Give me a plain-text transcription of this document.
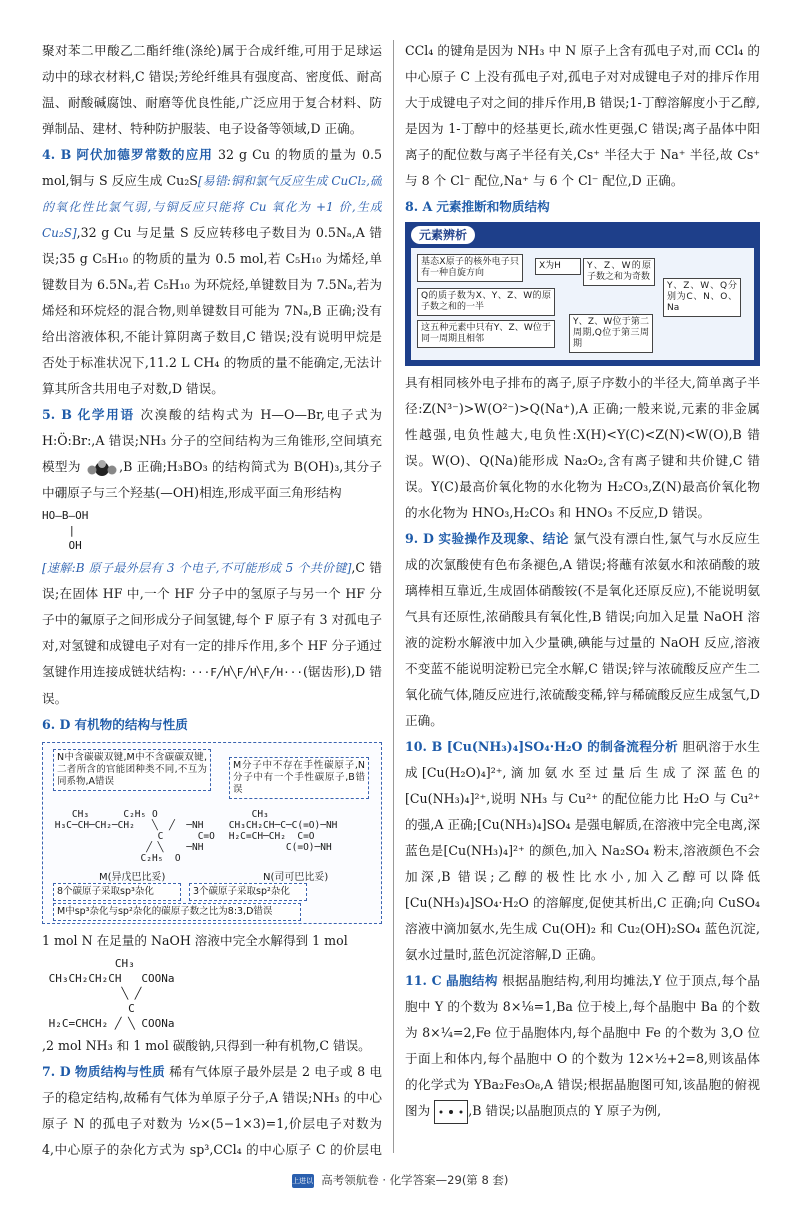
聚对苯二甲酸乙二酯纤维(涤纶)属于合成纤维,可用于足球运动中的球衣材料,C 错误;芳纶纤维具有强度高、密度低、耐高温、耐酸碱腐蚀、耐磨等优良性能,广泛应用于复合材料、防弹制品、建材、特种防护服装、电子设备等领域,D 正确。

4. B 阿伏加德罗常数的应用 32 g Cu 的物质的量为 0.5 mol,铜与 S 反应生成 Cu₂S[易错:铜和氯气反应生成 CuCl₂,硫的氧化性比氯气弱,与铜反应只能将 Cu 氧化为 +1 价,生成 Cu₂S],32 g Cu 与足量 S 反应转移电子数目为 0.5Nₐ,A 错误;35 g C₅H₁₀ 的物质的量为 0.5 mol,若 C₅H₁₀ 为烯烃,单键数目为 6.5Nₐ,若 C₅H₁₀ 为环烷烃,单键数目为 7.5Nₐ,若为烯烃和环烷烃的混合物,则单键数目可能为 7Nₐ,B 正确;没有给出溶液体积,不能计算阴离子数目,C 错误;没有说明甲烷是否处于标准状况下,11.2 L CH₄ 的物质的量不能确定,无法计算其所含共用电子对数,D 错误。

5. B 化学用语 次溴酸的结构式为 H—O—Br,电子式为 H:Ö:Br:,A 错误;NH₃ 分子的空间结构为三角锥形,空间填充模型为	,B 正确;H₃BO₃ 的结构简式为 B(OH)₃,其分子中硼原子与三个羟基(—OH)相连,形成平面三角形结构

HO—B—OH
|
OH

[速解:B 原子最外层有 3 个电子,不可能形成 5 个共价键],C 错误;在固体 HF 中,一个 HF 分子中的氢原子与另一个 HF 分子中的氟原子之间形成分子间氢键,每个 F 原子有 3 对孤电子对,对氢键和成键电子对有一定的排斥作用,多个 HF 分子通过氢键作用连接成链状结构: ···F╱H╲F╱H╲F╱H···(锯齿形),D 错误。

6. D 有机物的结构与性质

N中含碳碳双键,M中不含碳碳双键,二者所含的官能团种类不同,不互为同系物,A错误
M分子中不存在手性碳原子,N分子中有一个手性碳原子,B错误
CH₃      C₂H₅ O
H₃C─CH─CH₂─CH₂   ╲  ╱  ─NH
C      C=O
╱ ╲    ─NH
C₂H₅  O
CH₃
CH₃CH₂CH─C─C(=O)─NH
H₂C=CH─CH₂  C=O
C(=O)─NH
M(异戊巴比妥)	N(司可巴比妥)
8个碳原子采取sp³杂化	3个碳原子采取sp²杂化
M中sp³杂化与sp²杂化的碳原子数之比为8:3,D错误

1 mol N 在足量的 NaOH 溶液中完全水解得到 1 mol

CH₃
CH₃CH₂CH₂CH   COONa
╲ ╱
C
H₂C=CHCH₂ ╱ ╲ COONa

,2 mol NH₃ 和 1 mol 碳酸钠,只得到一种有机物,C 错误。

7. D 物质结构与性质 稀有气体原子最外层是 2 电子或 8 电子的稳定结构,故稀有气体为单原子分子,A 错误;NH₃ 的中心原子 N 的孤电子对数为 ½×(5−1×3)=1,价层电子对数为 4,中心原子的杂化方式为 sp³,CCl₄ 的中心原子 C 的价层电

CCl₄ 的键角是因为 NH₃ 中 N 原子上含有孤电子对,而 CCl₄ 的中心原子 C 上没有孤电子对,孤电子对对成键电子对的排斥作用大于成键电子对之间的排斥作用,B 错误;1-丁醇溶解度小于乙醇,是因为 1-丁醇中的烃基更长,疏水性更强,C 错误;离子晶体中阳离子的配位数与离子半径有关,Cs⁺ 半径大于 Na⁺ 半径,故 Cs⁺ 与 8 个 Cl⁻ 配位,Na⁺ 与 6 个 Cl⁻ 配位,D 正确。

8. A 元素推断和物质结构

元素辨析
基态X原子的核外电子只有一种自旋方向
X为H
Q的质子数为X、Y、Z、W的原子数之和的一半
Y、Z、W的原子数之和为奇数
这五种元素中只有Y、Z、W位于同一周期且相邻
Y、Z、W位于第二周期,Q位于第三周期
Y、Z、W、Q分别为C、N、O、Na

具有相同核外电子排布的离子,原子序数小的半径大,简单离子半径:Z(N³⁻)>W(O²⁻)>Q(Na⁺),A 正确;一般来说,元素的非金属性越强,电负性越大,电负性:X(H)<Y(C)<Z(N)<W(O),B 错误。W(O)、Q(Na)能形成 Na₂O₂,含有离子键和共价键,C 错误。Y(C)最高价氧化物的水化物为 H₂CO₃,Z(N)最高价氧化物的水化物为 HNO₃,H₂CO₃ 和 HNO₃ 不反应,D 错误。

9. D 实验操作及现象、结论 氯气没有漂白性,氯气与水反应生成的次氯酸使有色布条褪色,A 错误;将蘸有浓氨水和浓硝酸的玻璃棒相互靠近,生成固体硝酸铵(不是氧化还原反应),不能说明氨气具有还原性,浓硝酸具有氧化性,B 错误;向加入足量 NaOH 溶液的淀粉水解液中加入少量碘,碘能与过量的 NaOH 反应,溶液不变蓝不能说明淀粉已完全水解,C 错误;锌与浓硫酸反应产生二氧化硫气体,随反应进行,浓硫酸变稀,锌与稀硫酸反应生成氢气,D 正确。

10. B [Cu(NH₃)₄]SO₄·H₂O 的制备流程分析 胆矾溶于水生成[Cu(H₂O)₄]²⁺,滴加氨水至过量后生成了深蓝色的[Cu(NH₃)₄]²⁺,说明 NH₃ 与 Cu²⁺ 的配位能力比 H₂O 与 Cu²⁺ 的强,A 正确;[Cu(NH₃)₄]SO₄ 是强电解质,在溶液中完全电离,深蓝色是[Cu(NH₃)₄]²⁺ 的颜色,加入 Na₂SO₄ 粉末,溶液颜色不会加深,B 错误;乙醇的极性比水小,加入乙醇可以降低[Cu(NH₃)₄]SO₄·H₂O 的溶解度,促使其析出,C 正确;向 CuSO₄ 溶液中滴加氨水,先生成 Cu(OH)₂ 和 Cu₂(OH)₂SO₄ 蓝色沉淀,氨水过量时,蓝色沉淀溶解,D 正确。

11. C 晶胞结构 根据晶胞结构,利用均摊法,Y 位于顶点,每个晶胞中 Y 的个数为 8×⅛=1,Ba 位于棱上,每个晶胞中 Ba 的个数为 8×¼=2,Fe 位于晶胞体内,每个晶胞中 Fe 的个数为 3,O 位于面上和体内,每个晶胞中 O 的个数为 12×½+2=8,则该晶体的化学式为 YBa₂Fe₃O₈,A 错误;根据晶胞图可知,该晶胞的俯视图为	,B 错误;以晶胞顶点的 Y 原子为例,

上进以真题 千秋真题 高考领航卷 · 化学答案—29(第 8 套)
